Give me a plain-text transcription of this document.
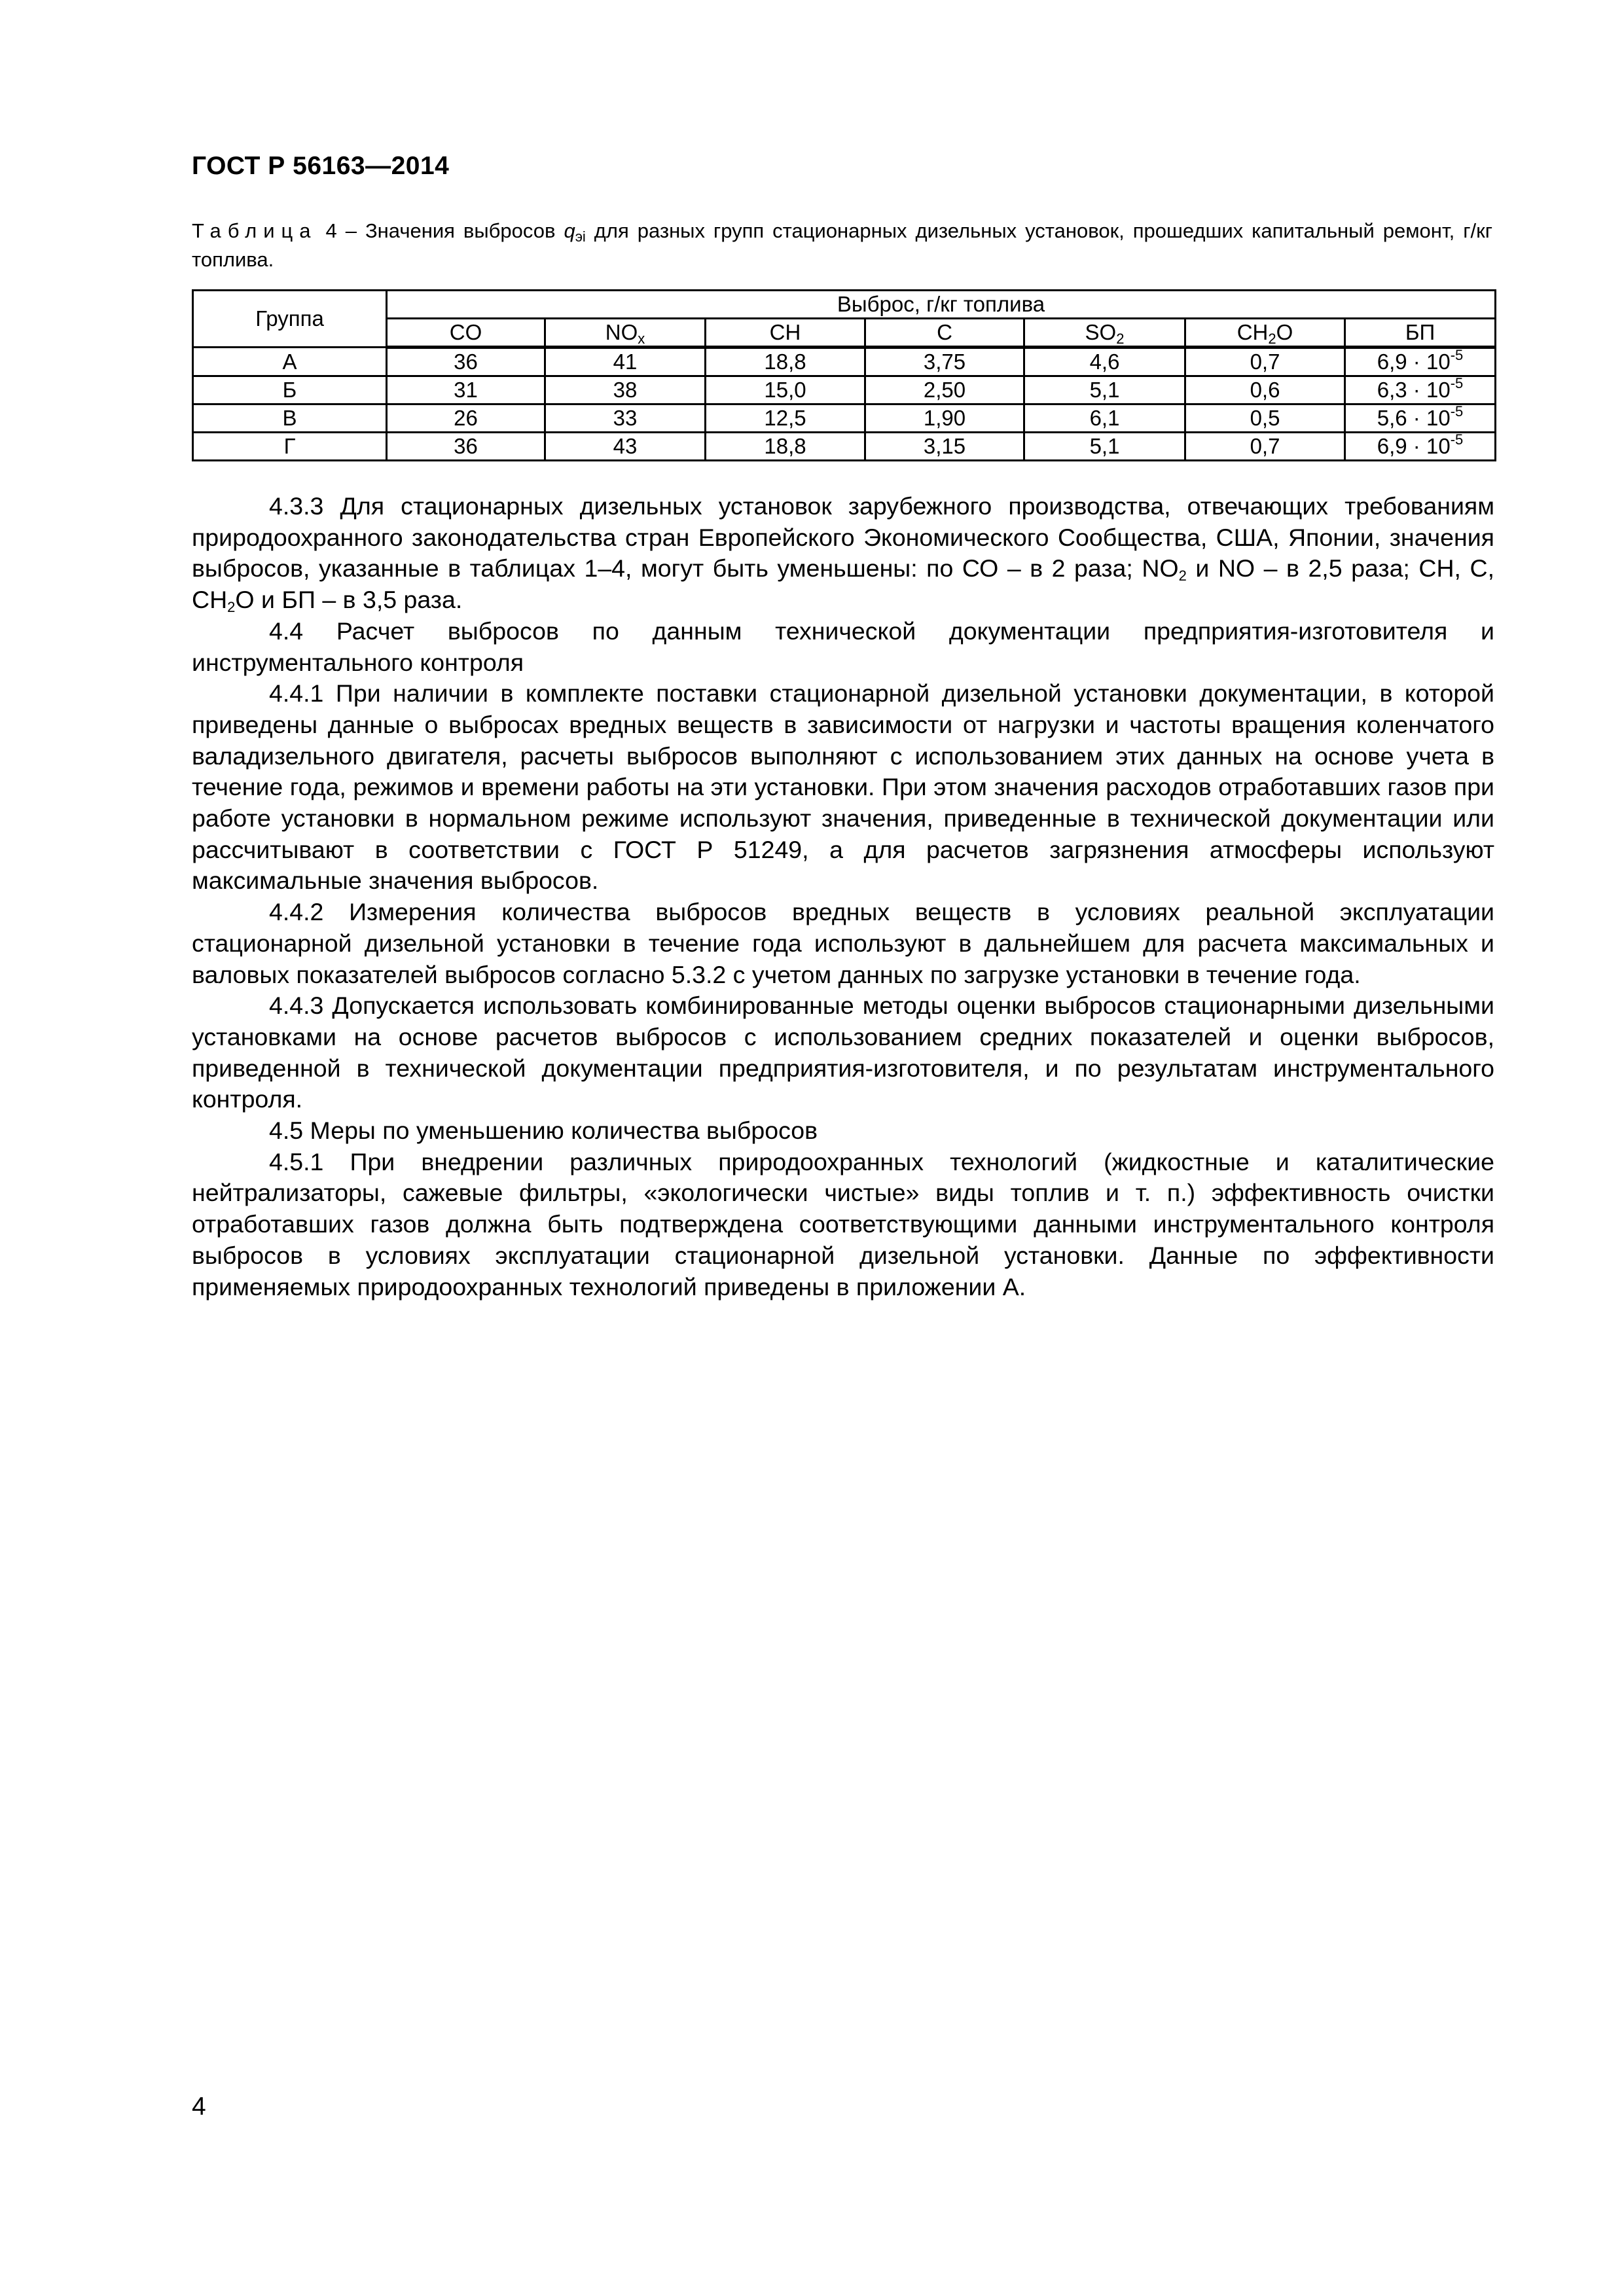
ГОСТ Р 56163—2014
Таблица 4 – Значения выбросов $q_{эi}$ для разных групп стационарных дизельных установок, прошедших капитальный ремонт, г/кг топлива.
Группа	Выброс, г/кг топлива						
	CO	$NO_x$	CH	C	$SO_2$	$CH_2O$	БП
А	36	41	18,8	3,75	4,6	0,7	$6,9 \cdot 10^{-5}$
Б	31	38	15,0	2,50	5,1	0,6	$6,3 \cdot 10^{-5}$
В	26	33	12,5	1,90	6,1	0,5	$5,6 \cdot 10^{-5}$
Г	36	43	18,8	3,15	5,1	0,7	$6,9 \cdot 10^{-5}$

4.3.3 Для стационарных дизельных установок зарубежного производства, отвечающих требованиям природоохранного законодательства стран Европейского Экономического Сообщества, США, Японии, значения выбросов, указанные в таблицах 1–4, могут быть уменьшены: по СО – в 2 раза; $NO_2$ и NO – в 2,5 раза; СН, С, $СН_2О$ и БП – в 3,5 раза.

4.4 Расчет выбросов по данным технической документации предприятия-изготовителя и инструментального контроля

4.4.1 При наличии в комплекте поставки стационарной дизельной установки документации, в которой приведены данные о выбросах вредных веществ в зависимости от нагрузки и частоты вращения коленчатого валадизельного двигателя, расчеты выбросов выполняют с использованием этих данных на основе учета в течение года, режимов и времени работы на эти установки. При этом значения расходов отработавших газов при работе установки в нормальном режиме используют значения, приведенные в технической документации или рассчитывают в соответствии с ГОСТ Р 51249, а для расчетов загрязнения атмосферы используют максимальные значения выбросов.

4.4.2 Измерения количества выбросов вредных веществ в условиях реальной эксплуатации стационарной дизельной установки в течение года используют в дальнейшем для расчета максимальных и валовых показателей выбросов согласно 5.3.2 с учетом данных по загрузке установки в течение года.

4.4.3 Допускается использовать комбинированные методы оценки выбросов стационарными дизельными установками на основе расчетов выбросов с использованием средних показателей и оценки выбросов, приведенной в технической документации предприятия-изготовителя, и по результатам инструментального контроля.

4.5 Меры по уменьшению количества выбросов

4.5.1 При внедрении различных природоохранных технологий (жидкостные и каталитические нейтрализаторы, сажевые фильтры, «экологически чистые» виды топлив и т. п.) эффективность очистки отработавших газов должна быть подтверждена соответствующими данными инструментального контроля выбросов в условиях эксплуатации стационарной дизельной установки. Данные по эффективности применяемых природоохранных технологий приведены в приложении А.

4
